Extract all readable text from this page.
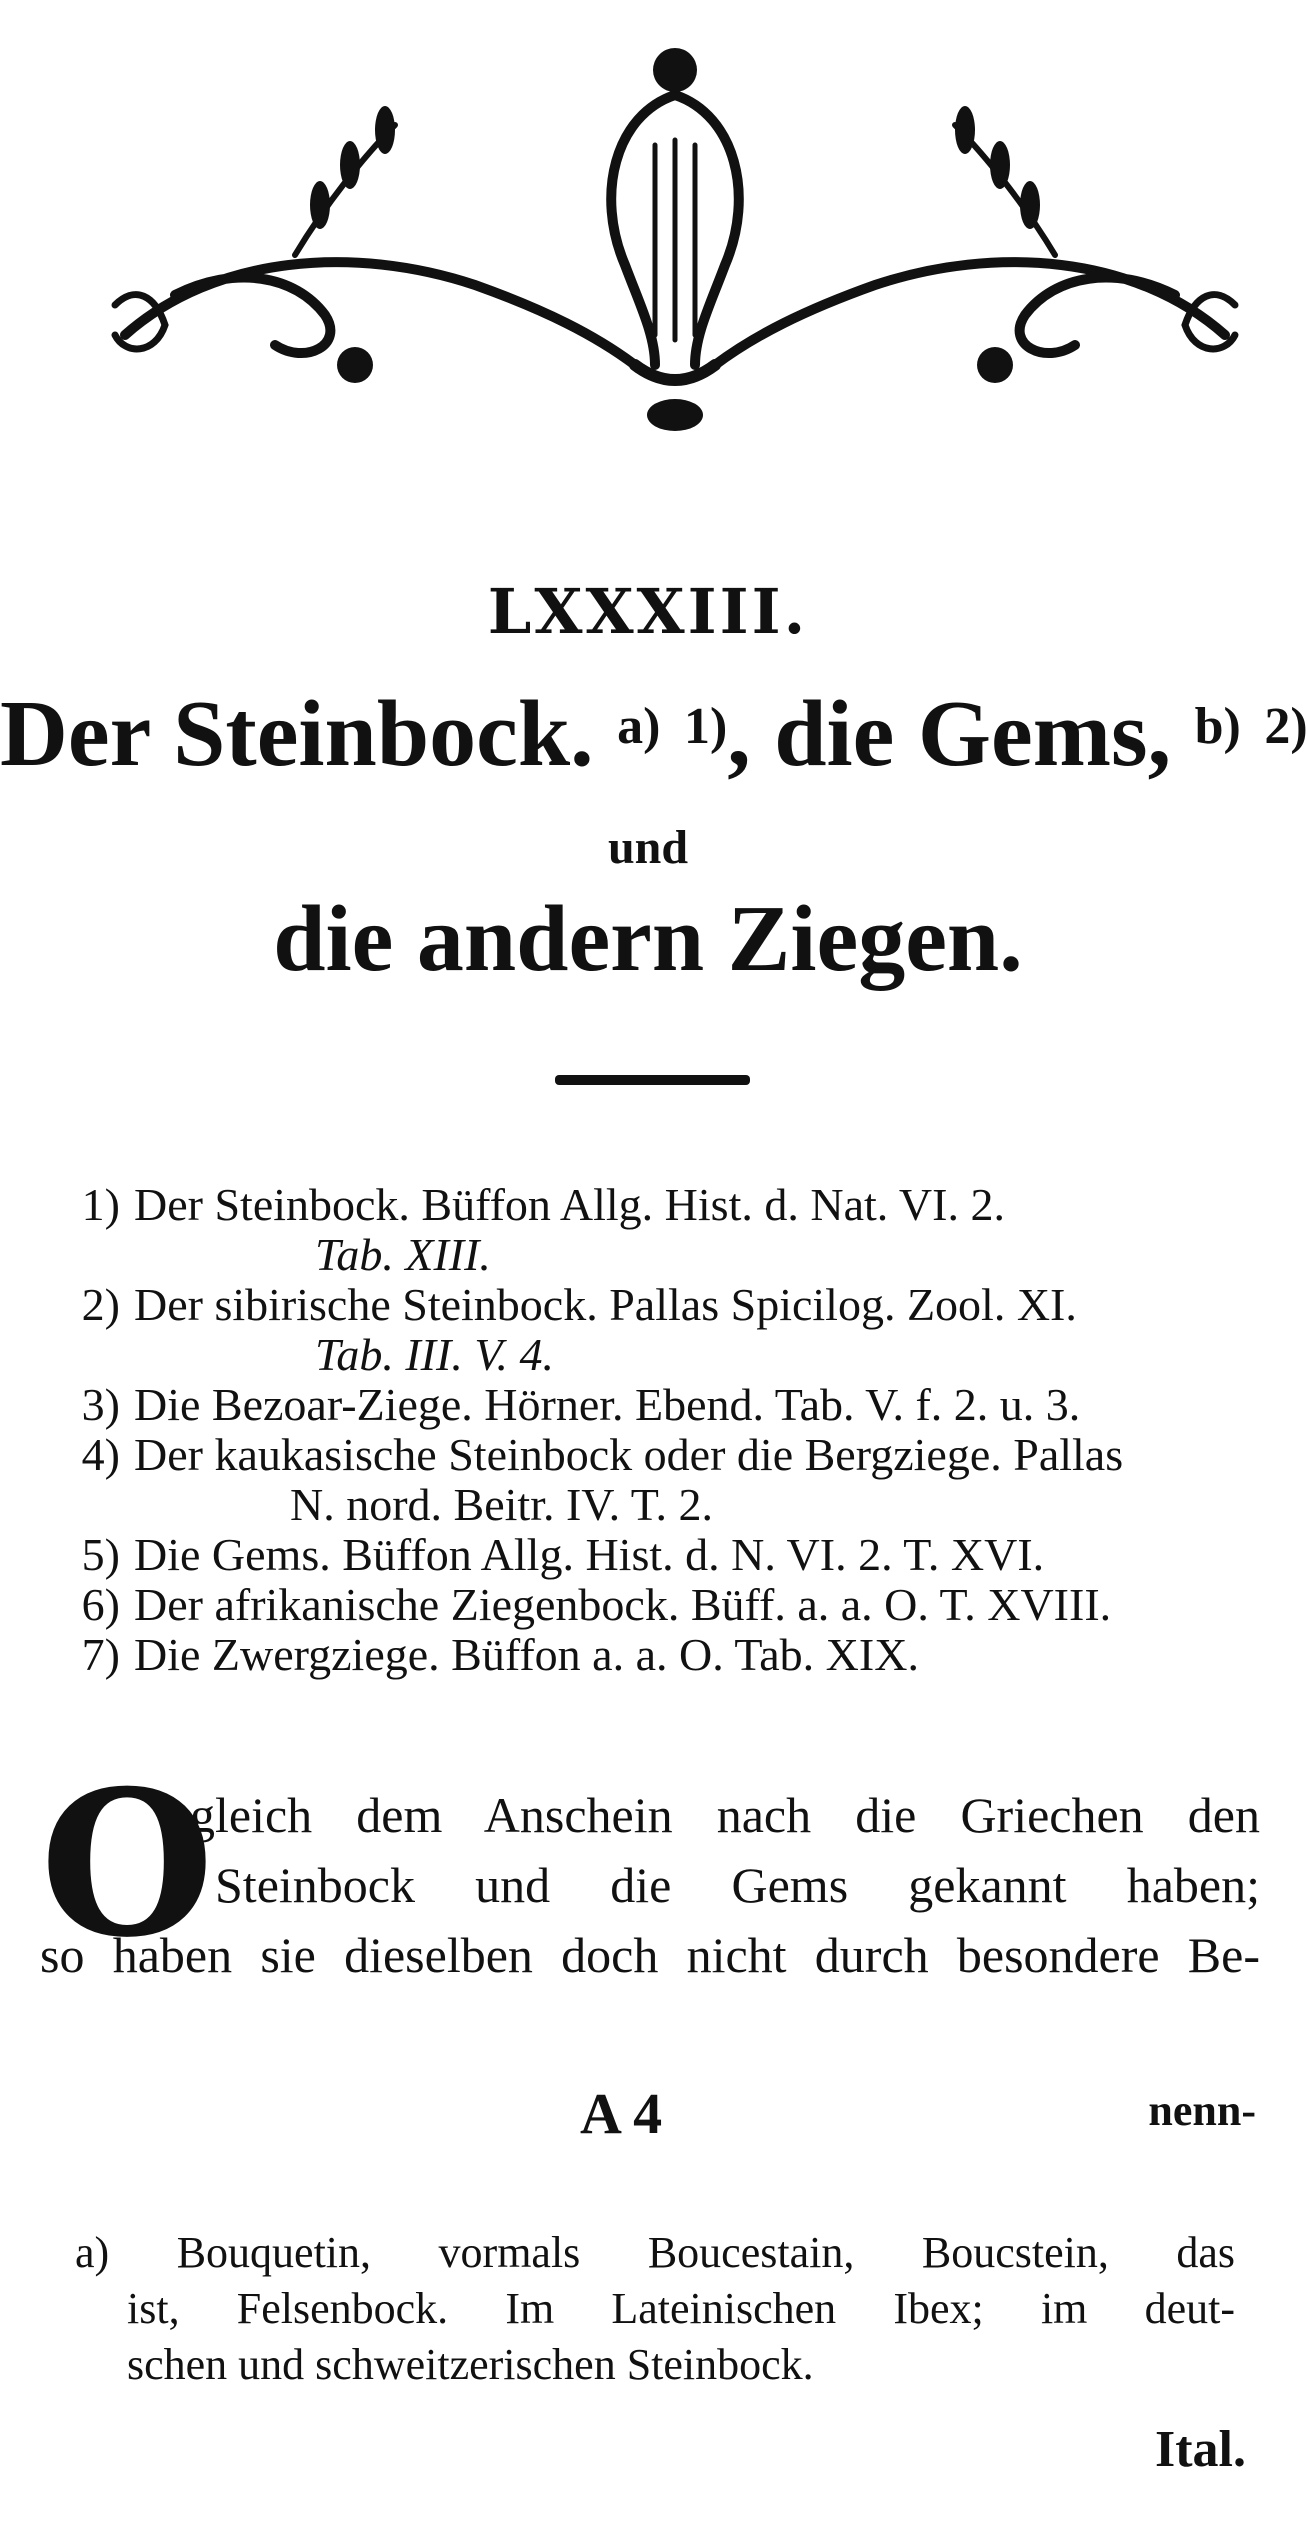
LXXXIII.
Der Steinbock. $^{a)}$ $^{1)}$, die Gems, $^{b)}$ $^{2)}$
und
die andern Ziegen.
1) Der Steinbock. Büffon Allg. Hist. d. Nat. VI. 2.
Tab. XIII.
2) Der sibirische Steinbock. Pallas Spicilog. Zool. XI.
Tab. III. V. 4.
3) Die Bezoar-Ziege. Hörner. Ebend. Tab. V. f. 2. u. 3.
4) Der kaukasische Steinbock oder die Bergziege. Pallas
N. nord. Beitr. IV. T. 2.
5) Die Gems. Büffon Allg. Hist. d. N. VI. 2. T. XVI.
6) Der afrikanische Ziegenbock. Büff. a. a. O. T. XVIII.
7) Die Zwergziege. Büffon a. a. O. Tab. XIX.
O
bgleich dem Anschein nach die Griechen den
Steinbock und die Gems gekannt haben;
so haben sie dieselben doch nicht durch besondere Be-
A 4	nenn-
a) Bouquetin, vormals Boucestain, Boucstein, das
ist, Felsenbock. Im Lateinischen Ibex; im deut-
schen und schweitzerischen Steinbock.
Ital.
